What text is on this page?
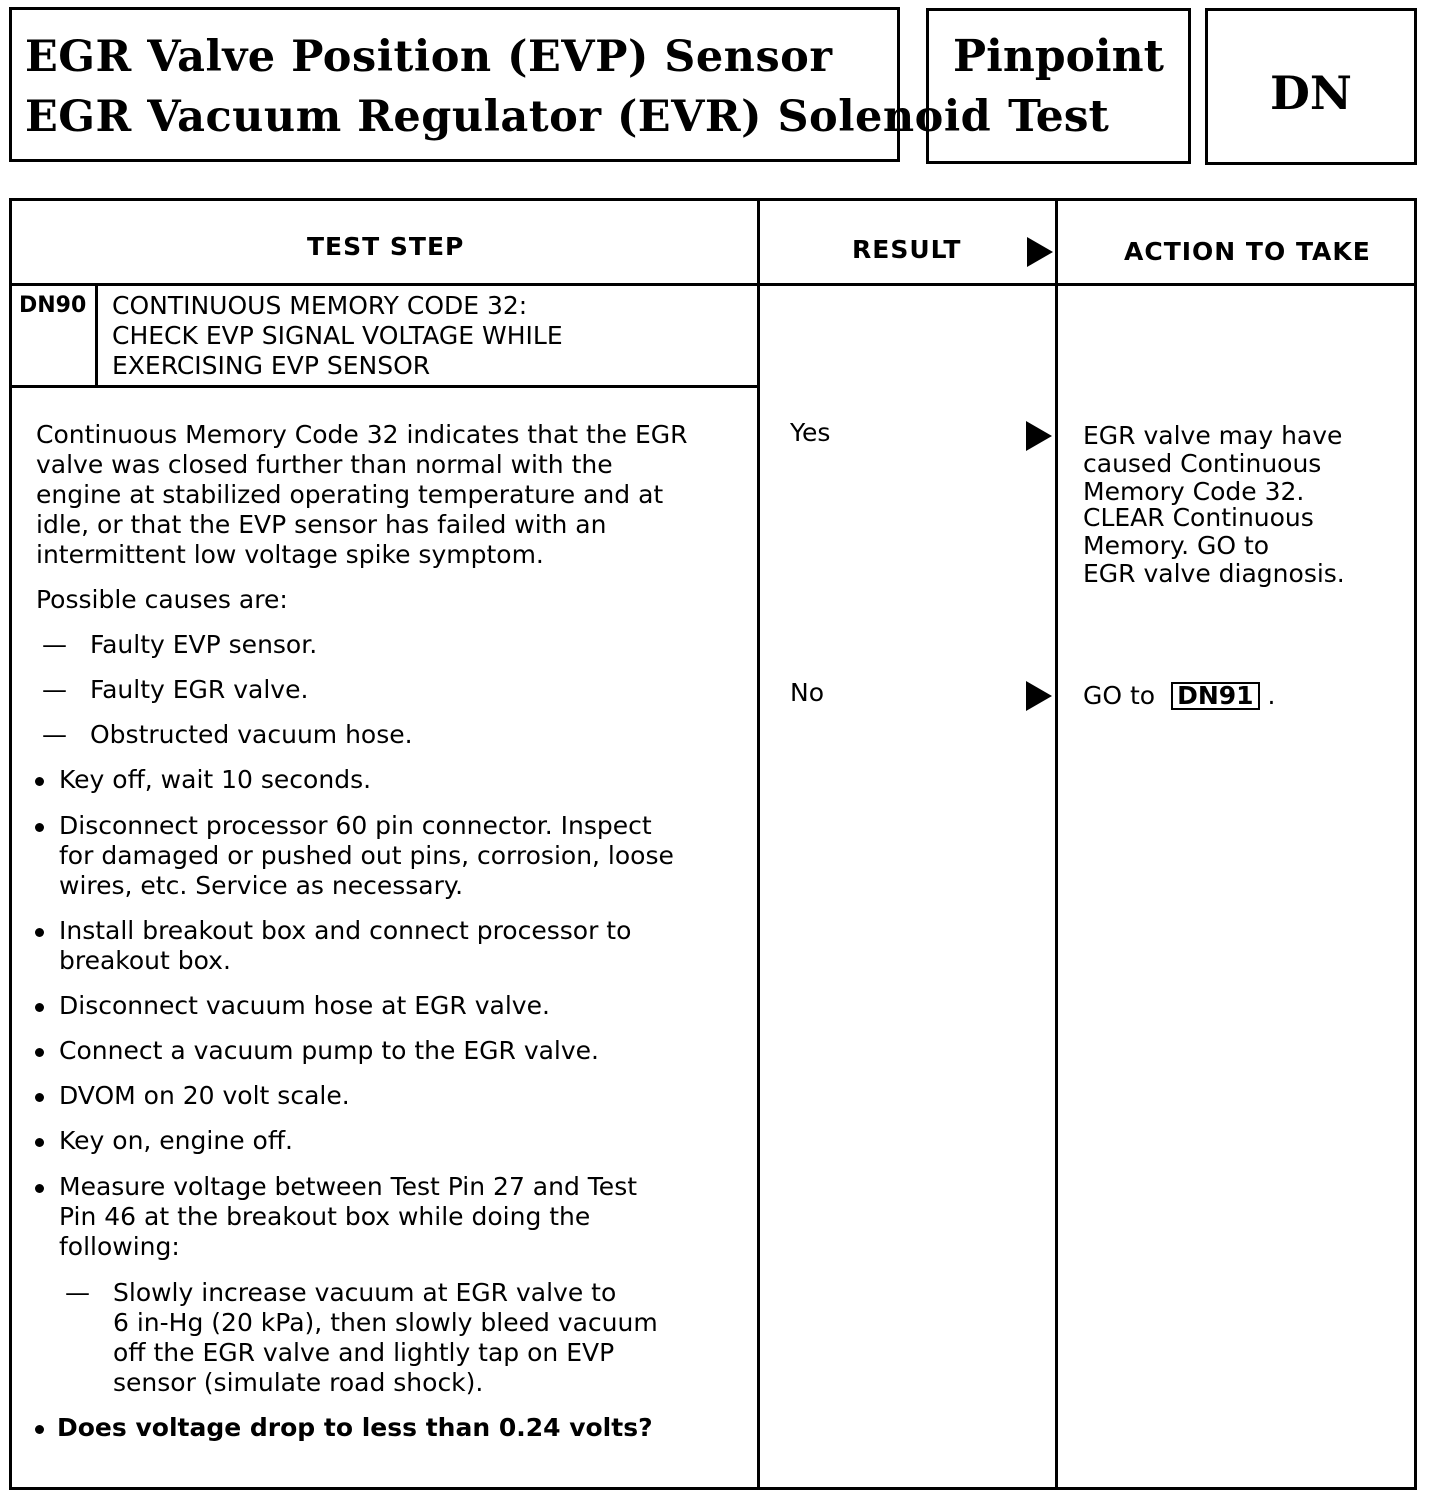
EGR Valve Position (EVP) Sensor
EGR Vacuum Regulator (EVR) Solenoid
Pinpoint
Test	DN
TEST STEP	RESULT	ACTION TO TAKE
DN90 CONTINUOUS MEMORY CODE 32:
CHECK EVP SIGNAL VOLTAGE WHILE
EXERCISING EVP SENSOR
Continuous Memory Code 32 indicates that the EGR
valve was closed further than normal with the
engine at stabilized operating temperature and at
idle, or that the EVP sensor has failed with an
intermittent low voltage spike symptom.
Possible causes are:
— Faulty EVP sensor.
— Faulty EGR valve.
— Obstructed vacuum hose.
Key off, wait 10 seconds.
Disconnect processor 60 pin connector. Inspect
for damaged or pushed out pins, corrosion, loose
wires, etc. Service as necessary.
Install breakout box and connect processor to
breakout box.
Disconnect vacuum hose at EGR valve.
Connect a vacuum pump to the EGR valve.
DVOM on 20 volt scale.
Key on, engine off.
Measure voltage between Test Pin 27 and Test
Pin 46 at the breakout box while doing the
following:
— Slowly increase vacuum at EGR valve to
6 in-Hg (20 kPa), then slowly bleed vacuum
off the EGR valve and lightly tap on EVP
sensor (simulate road shock).
Does voltage drop to less than 0.24 volts?
Yes	EGR valve may have
caused Continuous
Memory Code 32.
CLEAR Continuous
Memory. GO to
EGR valve diagnosis.
No	GO to DN91 .
